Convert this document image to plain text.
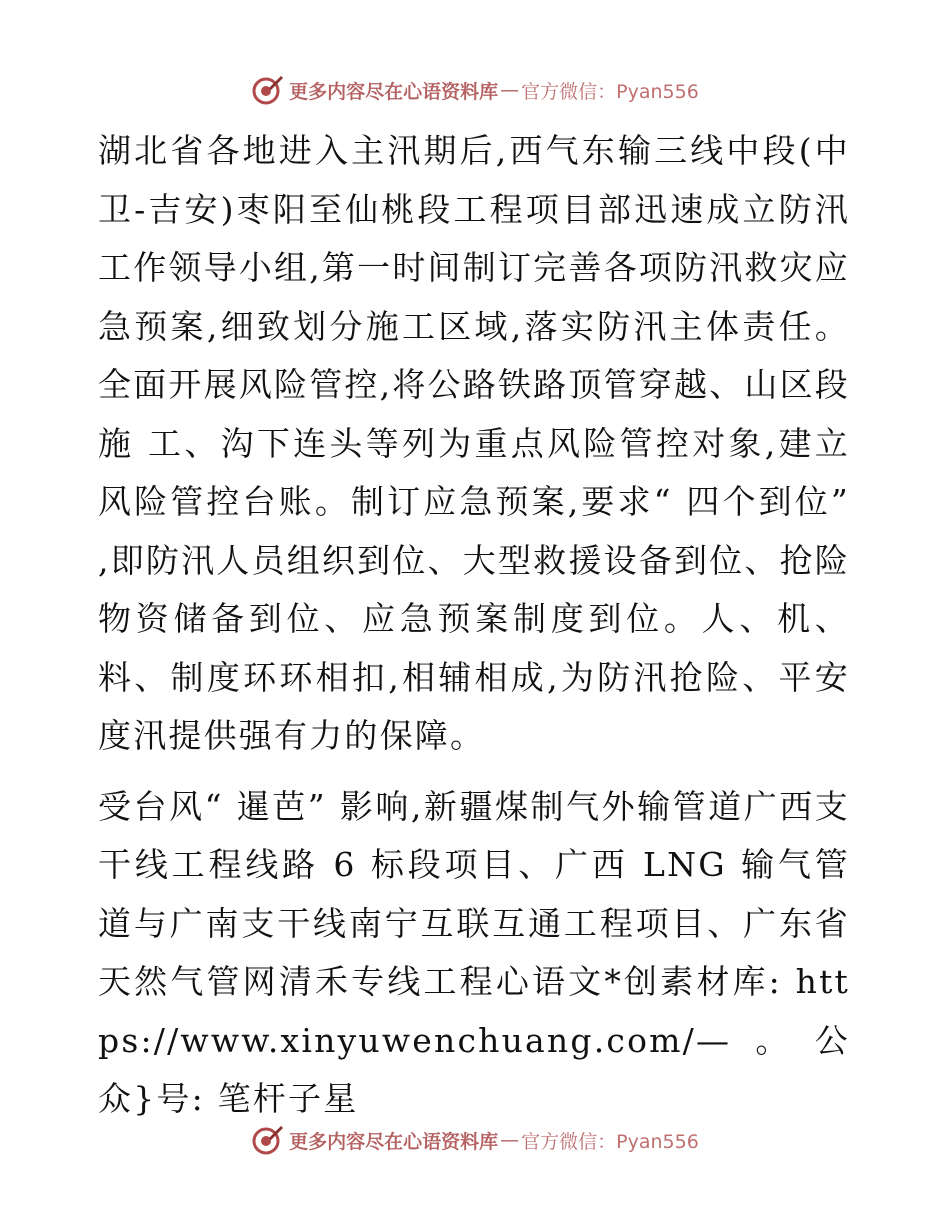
更多内容尽在心语资料库 — 官方微信：Pyan556

湖北省各地进入主汛期后,西气东输三线中段(中卫-吉安)枣阳至仙桃段工程项目部迅速成立防汛工作领导小组,第一时间制订完善各项防汛救灾应急预案,细致划分施工区域,落实防汛主体责任。全面开展风险管控,将公路铁路顶管穿越、山区段施 工、沟下连头等列为重点风险管控对象,建立风险管控台账。制订应急预案,要求“ 四个到位” ,即防汛人员组织到位、大型救援设备到位、抢险物资储备到位、应急预案制度到位。人、机、料、制度环环相扣,相辅相成,为防汛抢险、平安度汛提供强有力的保障。

受台风“ 暹芭” 影响,新疆煤制气外输管道广西支干线工程线路 6 标段项目、广西 LNG 输气管道与广南支干线南宁互联互通工程项目、广东省天然气管网清禾专线工程心语文*创素材库: https://www.xinyuwenchuang.com/—。公众}号: 笔杆子星

更多内容尽在心语资料库 — 官方微信：Pyan556
